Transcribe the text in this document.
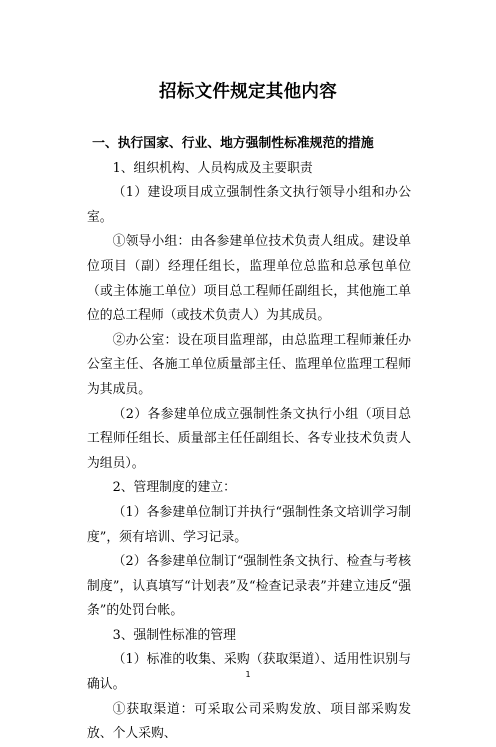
招标文件规定其他内容

一、执行国家、行业、地方强制性标准规范的措施

1、组织机构、人员构成及主要职责

（1）建设项目成立强制性条文执行领导小组和办公室。

①领导小组：由各参建单位技术负责人组成。建设单位项目（副）经理任组长，监理单位总监和总承包单位（或主体施工单位）项目总工程师任副组长，其他施工单位的总工程师（或技术负责人）为其成员。

②办公室：设在项目监理部，由总监理工程师兼任办公室主任、各施工单位质量部主任、监理单位监理工程师为其成员。

（2）各参建单位成立强制性条文执行小组（项目总工程师任组长、质量部主任任副组长、各专业技术负责人为组员）。

2、管理制度的建立：

（1）各参建单位制订并执行“强制性条文培训学习制度”，须有培训、学习记录。

（2）各参建单位制订“强制性条文执行、检查与考核制度”，认真填写“计划表”及“检查记录表”并建立违反“强条”的处罚台帐。

3、强制性标准的管理

（1）标准的收集、采购（获取渠道）、适用性识别与确认。

①获取渠道：可采取公司采购发放、项目部采购发放、个人采购、

1
